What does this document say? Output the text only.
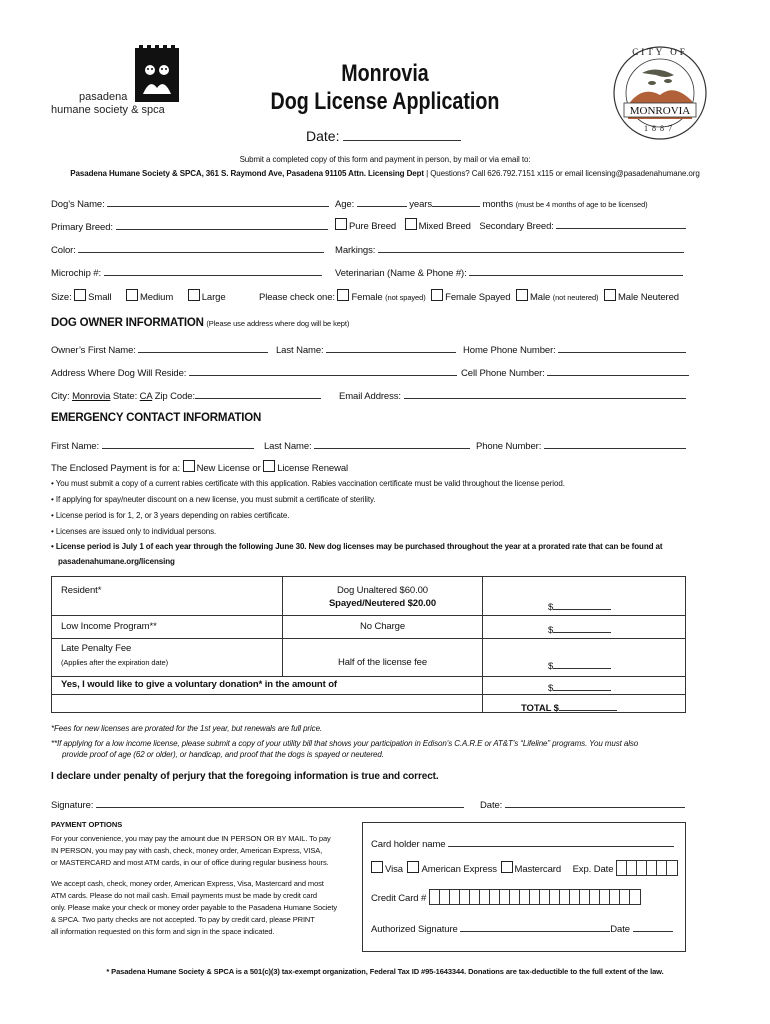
pasadena
humane society & spca
Monrovia
Dog License Application
Date:
CITY OF
MONROVIA
1887
Submit a completed copy of this form and payment in person, by mail or via email to:
Pasadena Humane Society & SPCA, 361 S. Raymond Ave, Pasadena 91105 Attn. Licensing Dept | Questions? Call 626.792.7151 x115 or email licensing@pasadenahumane.org
Dog’s Name:	Age:	years	months (must be 4 months of age to be licensed)
Primary Breed:	Pure Breed Mixed Breed Secondary Breed:
Color:	Markings:
Microchip #:	Veterinarian (Name & Phone #):
Size: Small	Medium	Large	Please check one: Female (not spayed) Female Spayed Male (not neutered) Male Neutered
DOG OWNER INFORMATION (Please use address where dog will be kept)
Owner’s First Name:	Last Name:	Home Phone Number:
Address Where Dog Will Reside:	Cell Phone Number:
City: Monrovia State: CA Zip Code:	Email Address:
EMERGENCY CONTACT INFORMATION
First Name:	Last Name:	Phone Number:
The Enclosed Payment is for a: New License or License Renewal
• You must submit a copy of a current rabies certificate with this application. Rabies vaccination certificate must be valid throughout the license period.
• If applying for spay/neuter discount on a new license, you must submit a certificate of sterility.
• License period is for 1, 2, or 3 years depending on rabies certificate.
• Licenses are issued only to individual persons.
• License period is July 1 of each year through the following June 30. New dog licenses may be purchased throughout the year at a prorated rate that can be found at
pasadenahumane.org/licensing
Resident*	Dog Unaltered $60.00
Spayed/Neutered $20.00	$
Low Income Program**	No Charge	$
Late Penalty Fee
(Applies after the expiration date)	Half of the license fee	$
Yes, I would like to give a voluntary donation* in the amount of	$
TOTAL $
*Fees for new licenses are prorated for the 1st year, but renewals are full price.
**If applying for a low income license, please submit a copy of your utility bill that shows your participation in Edison’s C.A.R.E or AT&T’s “Lifeline” programs. You must also
provide proof of age (62 or older), or handicap, and proof that the dogs is spayed or neutered.
I declare under penalty of perjury that the foregoing information is true and correct.
Signature:	Date:
PAYMENT OPTIONS
For your convenience, you may pay the amount due IN PERSON OR BY MAIL. To pay
IN PERSON, you may pay with cash, check, money order, American Express, VISA,
or MASTERCARD and most ATM cards, in our of office during regular business hours.
We accept cash, check, money order, American Express, Visa, Mastercard and most
ATM cards. Please do not mail cash. Email payments must be made by credit card
only. Please make your check or money order payable to the Pasadena Humane Society
& SPCA. Two party checks are not accepted. To pay by credit card, please PRINT
all information requested on this form and sign in the space indicated.
Card holder name
Visa American Express Mastercard Exp. Date
Credit Card #
Authorized Signature	Date
* Pasadena Humane Society & SPCA is a 501(c)(3) tax-exempt organization, Federal Tax ID #95-1643344. Donations are tax-deductible to the full extent of the law.
